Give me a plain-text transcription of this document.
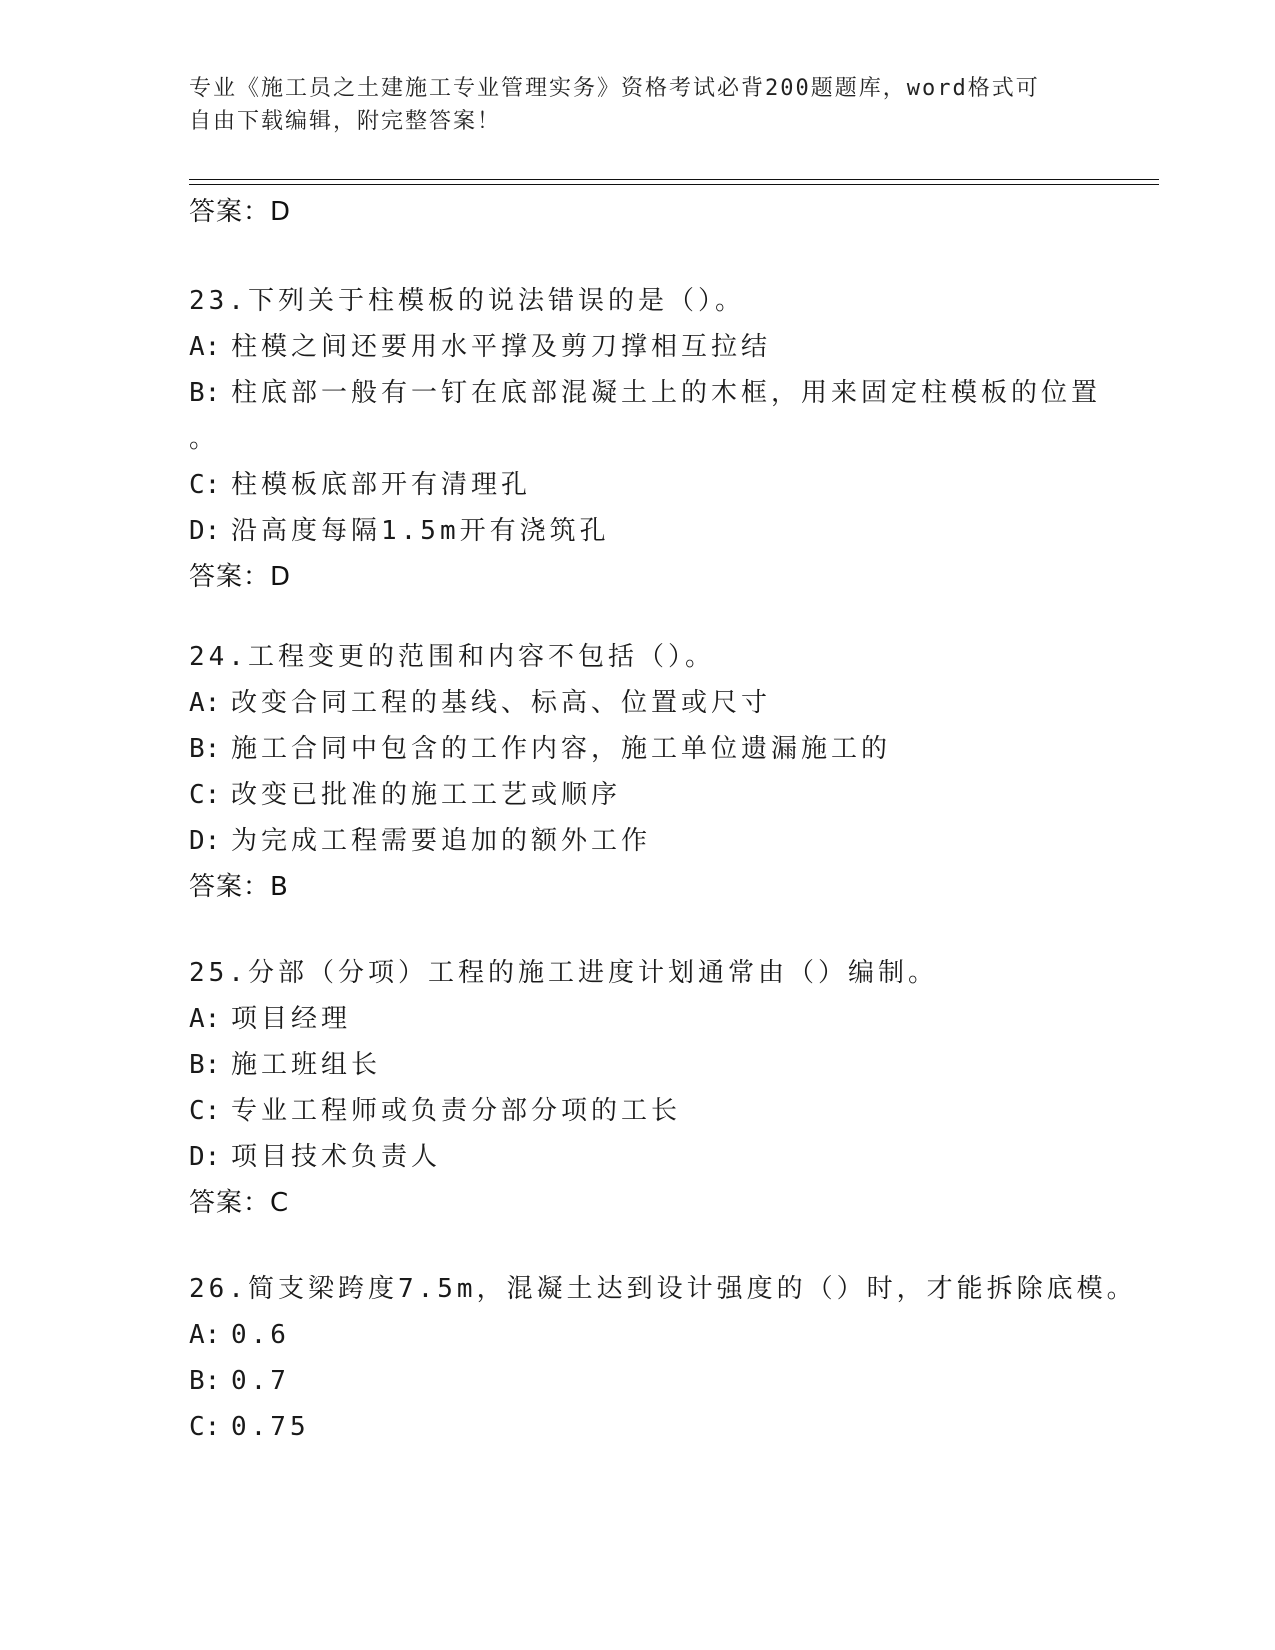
专业《施工员之土建施工专业管理实务》资格考试必背200题题库，word格式可
自由下载编辑，附完整答案！
答案：D
23.下列关于柱模板的说法错误的是（）。
A: 柱模之间还要用水平撑及剪刀撑相互拉结
B: 柱底部一般有一钉在底部混凝土上的木框，用来固定柱模板的位置
。
C: 柱模板底部开有清理孔
D: 沿高度每隔1.5m开有浇筑孔
答案：D
24.工程变更的范围和内容不包括（）。
A: 改变合同工程的基线、标高、位置或尺寸
B: 施工合同中包含的工作内容，施工单位遗漏施工的
C: 改变已批准的施工工艺或顺序
D: 为完成工程需要追加的额外工作
答案：B
25.分部（分项）工程的施工进度计划通常由（）编制。
A: 项目经理
B: 施工班组长
C: 专业工程师或负责分部分项的工长
D: 项目技术负责人
答案：C
26.简支梁跨度7.5m，混凝土达到设计强度的（）时，才能拆除底模。
A: 0.6
B: 0.7
C: 0.75
